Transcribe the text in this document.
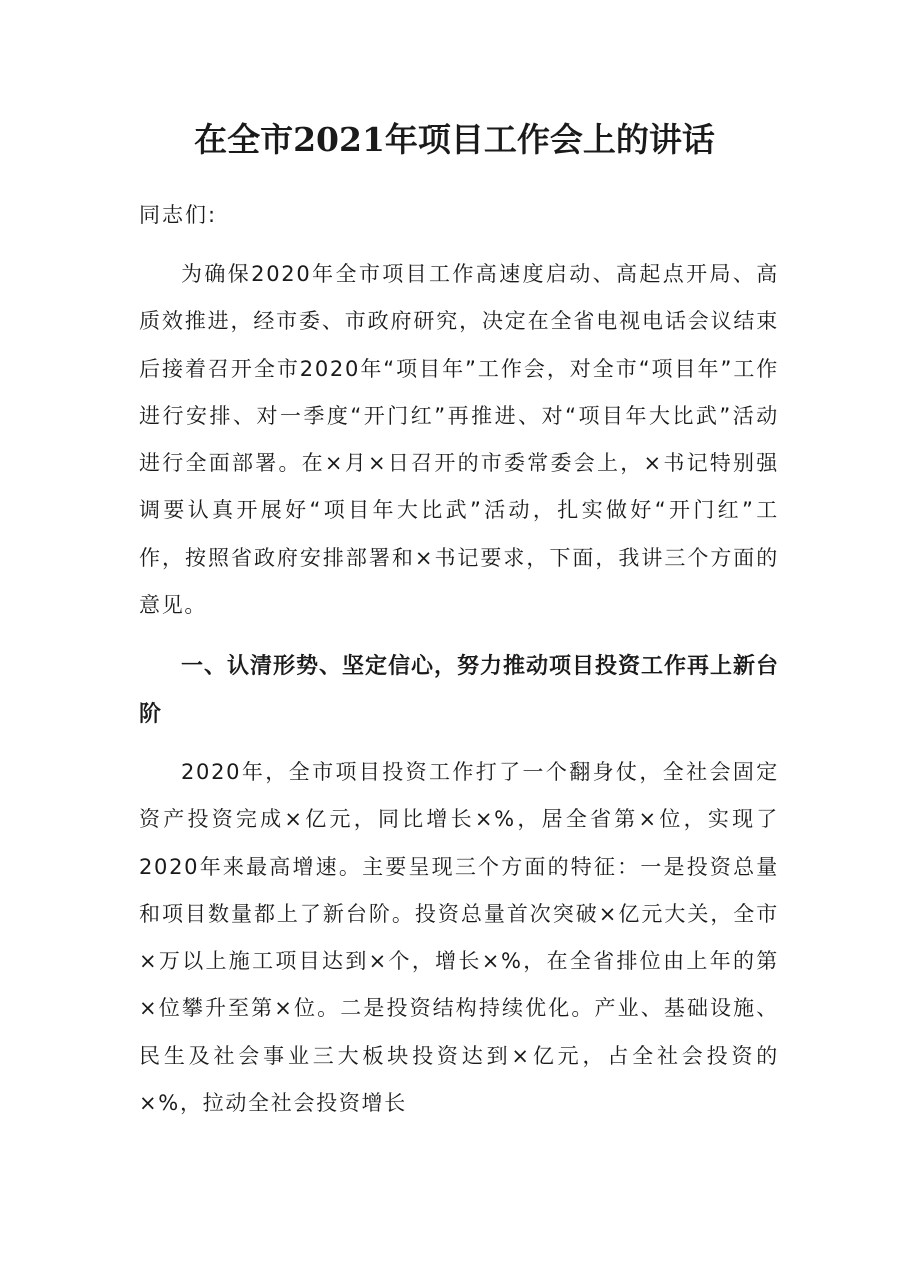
在全市2021年项目工作会上的讲话

同志们:

为确保2020年全市项目工作高速度启动、高起点开局、高质效推进，经市委、市政府研究，决定在全省电视电话会议结束后接着召开全市2020年“项目年”工作会，对全市“项目年”工作进行安排、对一季度“开门红”再推进、对“项目年大比武”活动进行全面部署。在×月×日召开的市委常委会上，×书记特别强调要认真开展好“项目年大比武”活动，扎实做好“开门红”工作，按照省政府安排部署和×书记要求，下面，我讲三个方面的意见。

一、认清形势、坚定信心，努力推动项目投资工作再上新台阶

2020年，全市项目投资工作打了一个翻身仗，全社会固定资产投资完成×亿元，同比增长×%，居全省第×位，实现了2020年来最高增速。主要呈现三个方面的特征：一是投资总量和项目数量都上了新台阶。投资总量首次突破×亿元大关，全市×万以上施工项目达到×个，增长×%，在全省排位由上年的第×位攀升至第×位。二是投资结构持续优化。产业、基础设施、民生及社会事业三大板块投资达到×亿元，占全社会投资的×%，拉动全社会投资增长
